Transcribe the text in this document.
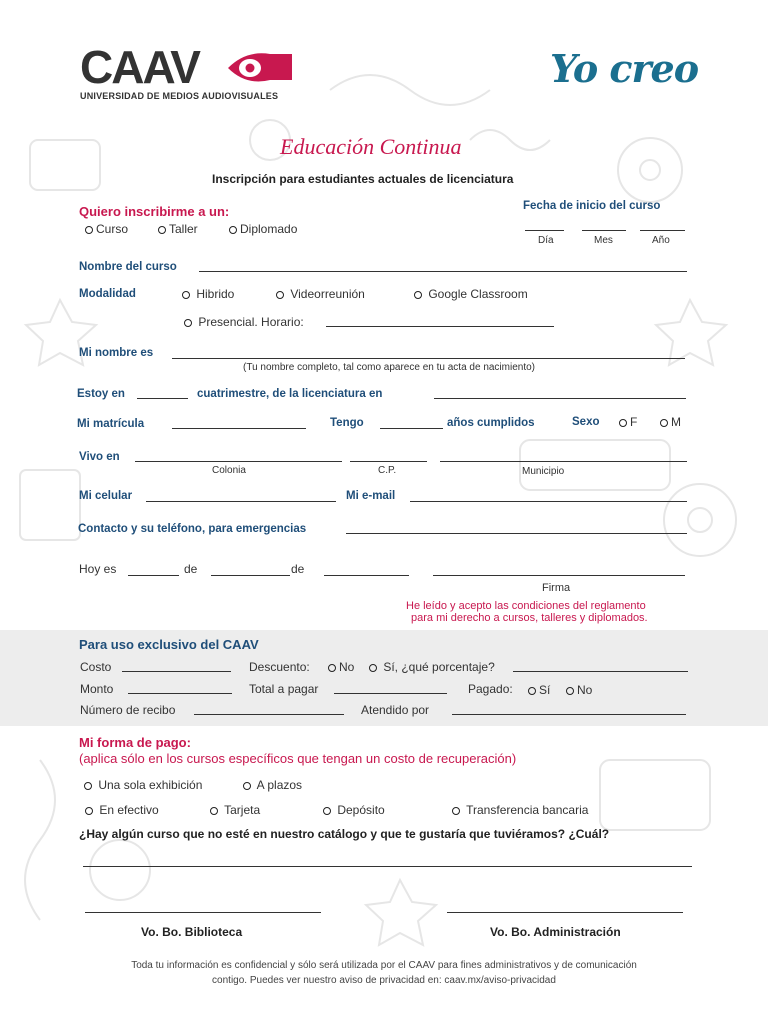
CAAV
UNIVERSIDAD DE MEDIOS AUDIOVISUALES
Yo creo
Educación Continua
Inscripción para estudiantes actuales de licenciatura
Quiero inscribirme a un:
Curso	Taller	Diplomado
Fecha de inicio del curso
Día	Mes	Año
Nombre del curso
Modalidad	Hibrido	Videorreunión	Google Classroom
Presencial. Horario:
Mi nombre es
(Tu nombre completo, tal como aparece en tu acta de nacimiento)
Estoy en	cuatrimestre, de la licenciatura en
Mi matrícula	Tengo	años cumplidos	Sexo	F	M
Vivo en
Colonia	C.P.	Municipio
Mi celular	Mi e-mail
Contacto y su teléfono, para emergencias
Hoy es	de	de
Firma
He leído y acepto las condiciones del reglamento
para mi derecho a cursos, talleres y diplomados.
Para uso exclusivo del CAAV
Costo	Descuento:	No	Sí, ¿qué porcentaje?
Monto	Total a pagar	Pagado:	Sí	No
Número de recibo	Atendido por
Mi forma de pago:
(aplica sólo en los cursos específicos que tengan un costo de recuperación)
Una sola exhibición	A plazos
En efectivo	Tarjeta	Depósito	Transferencia bancaria
¿Hay algún curso que no esté en nuestro catálogo y que te gustaría que tuviéramos? ¿Cuál?
Vo. Bo. Biblioteca	Vo. Bo. Administración
Toda tu información es confidencial y sólo será utilizada por el CAAV para fines administrativos y de comunicación
contigo. Puedes ver nuestro aviso de privacidad en: caav.mx/aviso-privacidad
